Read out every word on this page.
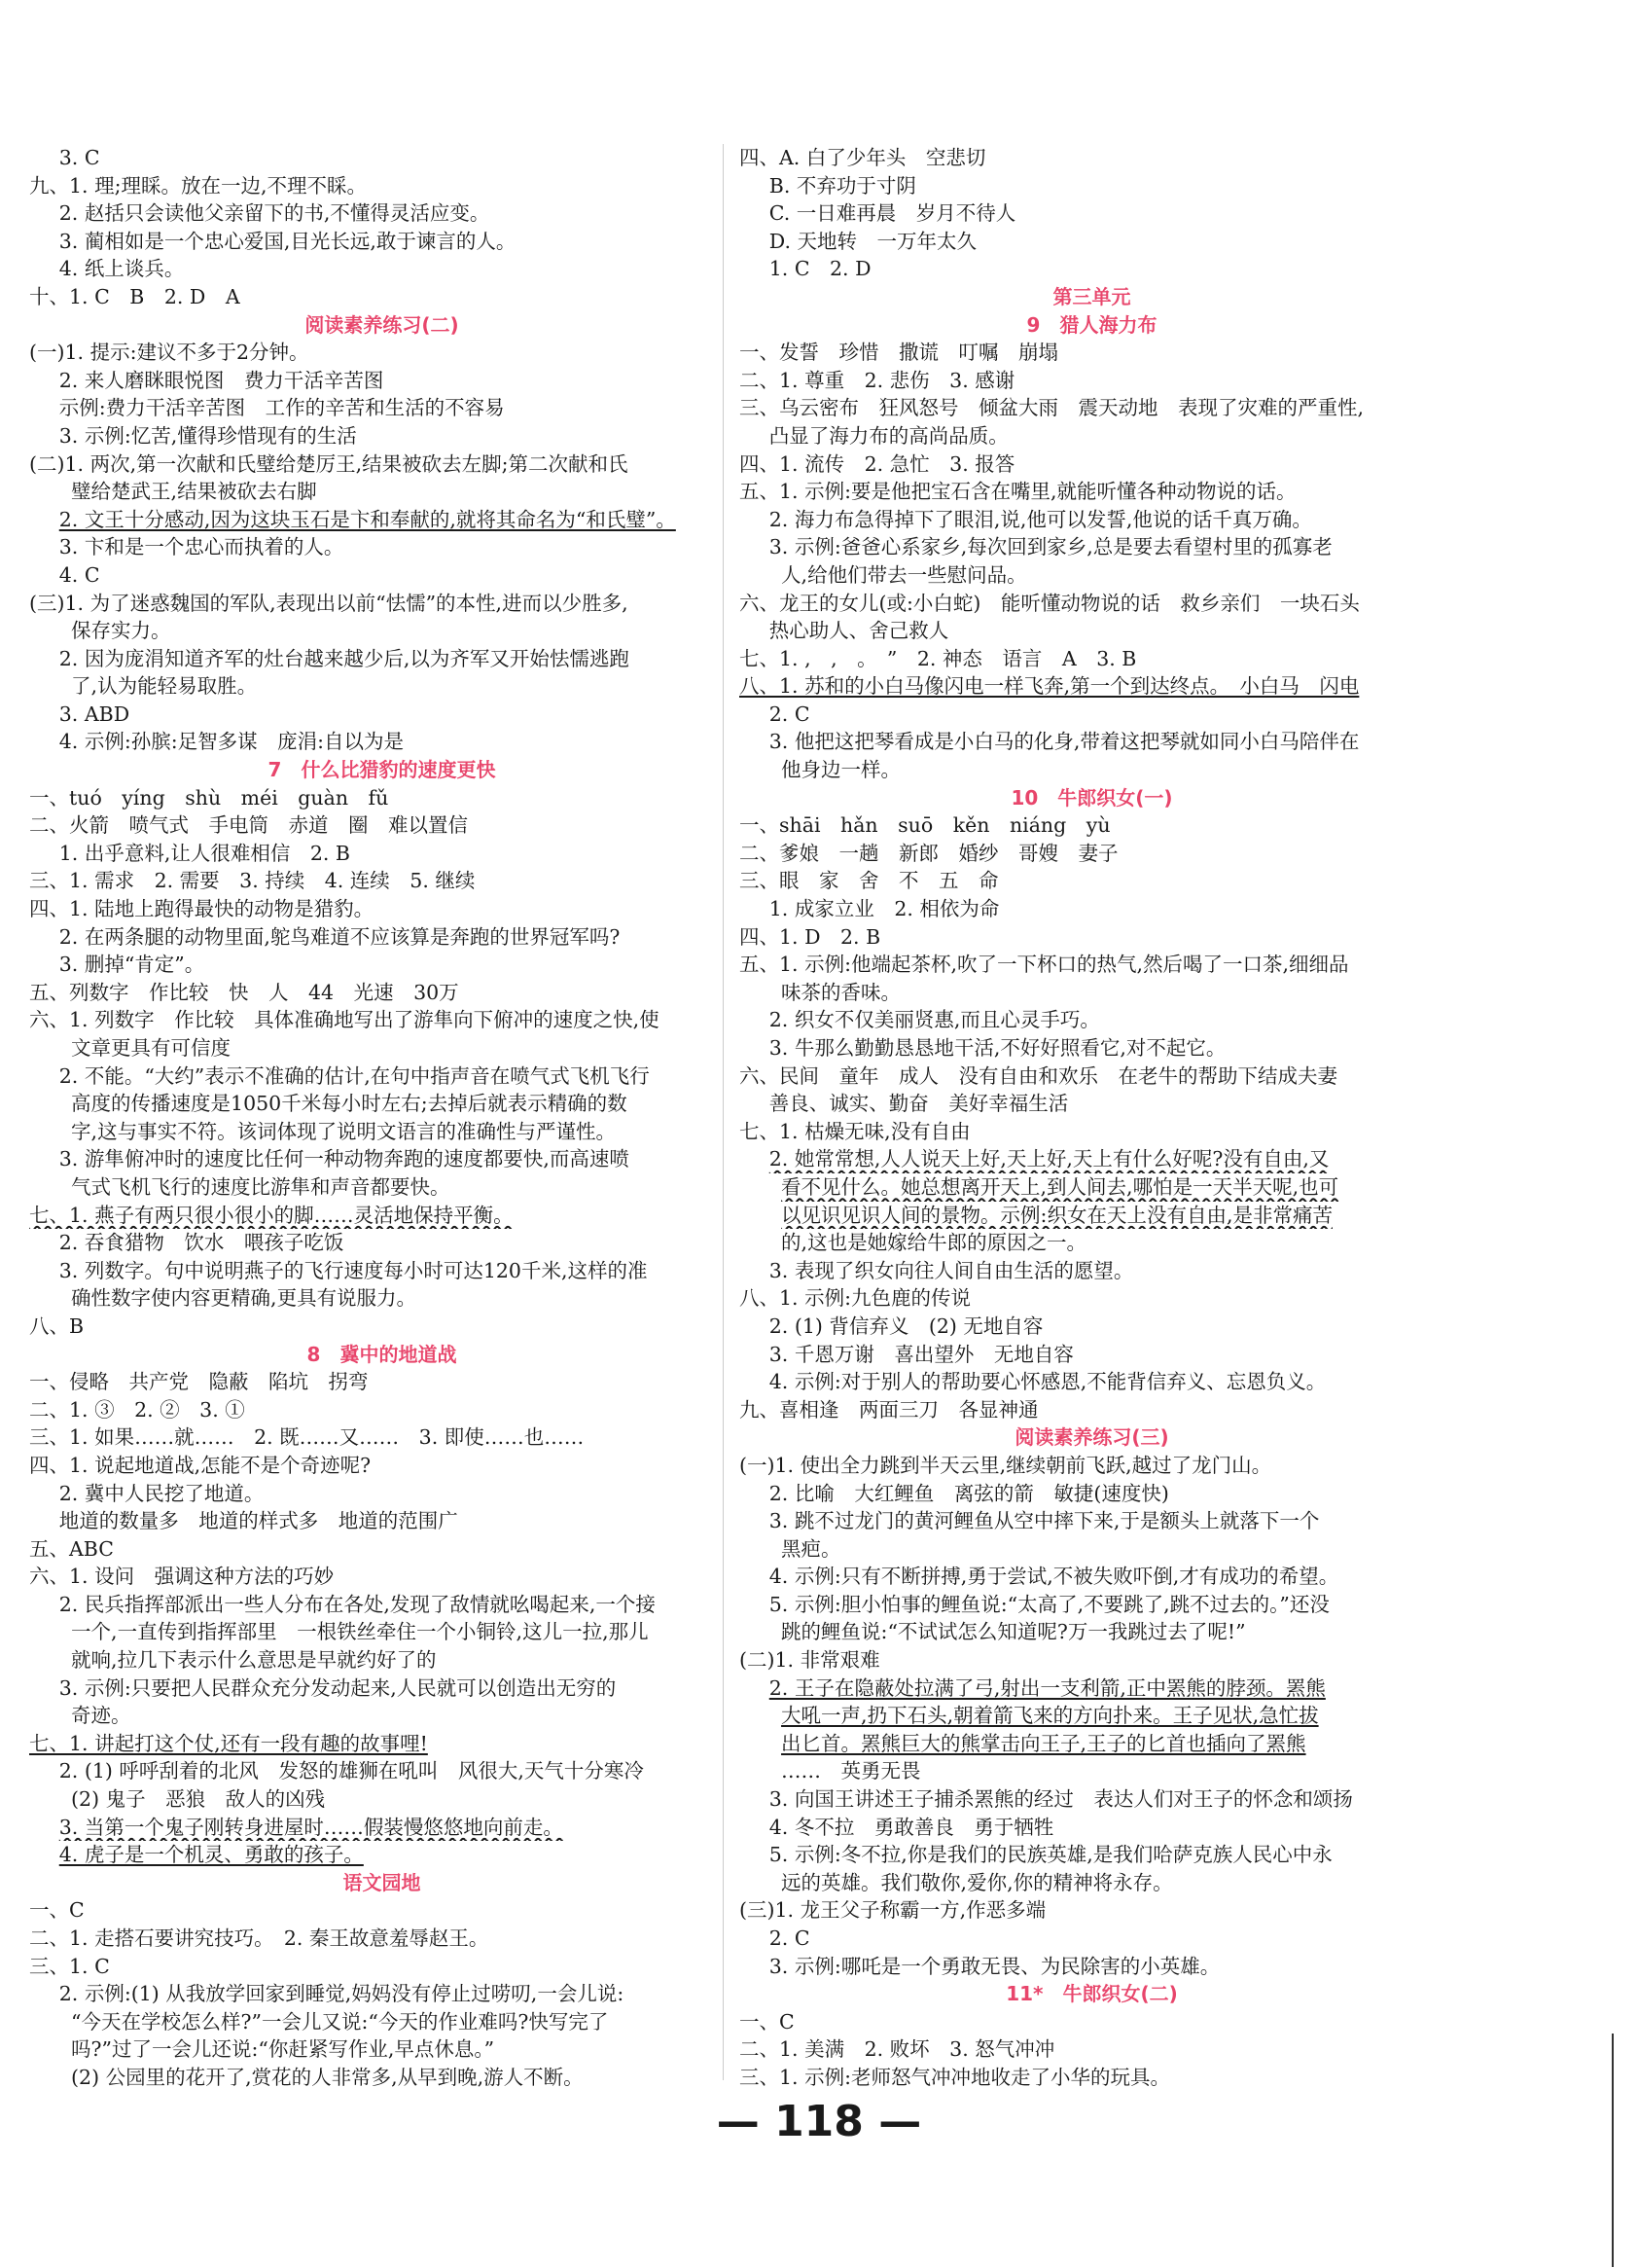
3. C
九、1. 理;理睬。放在一边,不理不睬。
2. 赵括只会读他父亲留下的书,不懂得灵活应变。
3. 蔺相如是一个忠心爱国,目光长远,敢于谏言的人。
4. 纸上谈兵。
十、1. C　B　2. D　A
阅读素养练习(二)
(一)1. 提示:建议不多于2分钟。
2. 来人磨眯眼悦图　费力干活辛苦图
示例:费力干活辛苦图　工作的辛苦和生活的不容易
3. 示例:忆苦,懂得珍惜现有的生活
(二)1. 两次,第一次献和氏璧给楚厉王,结果被砍去左脚;第二次献和氏
璧给楚武王,结果被砍去右脚
2. 文王十分感动,因为这块玉石是卞和奉献的,就将其命名为“和氏璧”。
3. 卞和是一个忠心而执着的人。
4. C
(三)1. 为了迷惑魏国的军队,表现出以前“怯懦”的本性,进而以少胜多,
保存实力。
2. 因为庞涓知道齐军的灶台越来越少后,以为齐军又开始怯懦逃跑
了,认为能轻易取胜。
3. ABD
4. 示例:孙膑:足智多谋　庞涓:自以为是
7　什么比猎豹的速度更快
一、tuó　yíng　shù　méi　guàn　fǔ
二、火箭　喷气式　手电筒　赤道　圈　难以置信
1. 出乎意料,让人很难相信　2. B
三、1. 需求　2. 需要　3. 持续　4. 连续　5. 继续
四、1. 陆地上跑得最快的动物是猎豹。
2. 在两条腿的动物里面,鸵鸟难道不应该算是奔跑的世界冠军吗?
3. 删掉“肯定”。
五、列数字　作比较　快　人　44　光速　30万
六、1. 列数字　作比较　具体准确地写出了游隼向下俯冲的速度之快,使
文章更具有可信度
2. 不能。“大约”表示不准确的估计,在句中指声音在喷气式飞机飞行
高度的传播速度是1050千米每小时左右;去掉后就表示精确的数
字,这与事实不符。该词体现了说明文语言的准确性与严谨性。
3. 游隼俯冲时的速度比任何一种动物奔跑的速度都要快,而高速喷
气式飞机飞行的速度比游隼和声音都要快。
七、1. 燕子有两只很小很小的脚……灵活地保持平衡。
2. 吞食猎物　饮水　喂孩子吃饭
3. 列数字。句中说明燕子的飞行速度每小时可达120千米,这样的准
确性数字使内容更精确,更具有说服力。
八、B
8　冀中的地道战
一、侵略　共产党　隐蔽　陷坑　拐弯
二、1. ③　2. ②　3. ①
三、1. 如果……就……　2. 既……又……　3. 即使……也……
四、1. 说起地道战,怎能不是个奇迹呢?
2. 冀中人民挖了地道。
地道的数量多　地道的样式多　地道的范围广
五、ABC
六、1. 设问　强调这种方法的巧妙
2. 民兵指挥部派出一些人分布在各处,发现了敌情就吆喝起来,一个接
一个,一直传到指挥部里　一根铁丝牵住一个小铜铃,这儿一拉,那儿
就响,拉几下表示什么意思是早就约好了的
3. 示例:只要把人民群众充分发动起来,人民就可以创造出无穷的
奇迹。
七、1. 讲起打这个仗,还有一段有趣的故事哩!
2. (1) 呼呼刮着的北风　发怒的雄狮在吼叫　风很大,天气十分寒冷
(2) 鬼子　恶狼　敌人的凶残
3. 当第一个鬼子刚转身进屋时……假装慢悠悠地向前走。
4. 虎子是一个机灵、勇敢的孩子。
语文园地
一、C
二、1. 走搭石要讲究技巧。　2. 秦王故意羞辱赵王。
三、1. C
2. 示例:(1) 从我放学回家到睡觉,妈妈没有停止过唠叨,一会儿说:
“今天在学校怎么样?”一会儿又说:“今天的作业难吗?快写完了
吗?”过了一会儿还说:“你赶紧写作业,早点休息。”
(2) 公园里的花开了,赏花的人非常多,从早到晚,游人不断。
四、A. 白了少年头　空悲切
B. 不弃功于寸阴
C. 一日难再晨　岁月不待人
D. 天地转　一万年太久
1. C　2. D
第三单元
9　猎人海力布
一、发誓　珍惜　撒谎　叮嘱　崩塌
二、1. 尊重　2. 悲伤　3. 感谢
三、乌云密布　狂风怒号　倾盆大雨　震天动地　表现了灾难的严重性,
凸显了海力布的高尚品质。
四、1. 流传　2. 急忙　3. 报答
五、1. 示例:要是他把宝石含在嘴里,就能听懂各种动物说的话。
2. 海力布急得掉下了眼泪,说,他可以发誓,他说的话千真万确。
3. 示例:爸爸心系家乡,每次回到家乡,总是要去看望村里的孤寡老
人,给他们带去一些慰问品。
六、龙王的女儿(或:小白蛇)　能听懂动物说的话　救乡亲们　一块石头
热心助人、舍己救人
七、1. ,　,　。　”　2. 神态　语言　A　3. B
八、1. 苏和的小白马像闪电一样飞奔,第一个到达终点。　小白马　闪电
2. C
3. 他把这把琴看成是小白马的化身,带着这把琴就如同小白马陪伴在
他身边一样。
10　牛郎织女(一)
一、shāi　hǎn　suō　kěn　niáng　yù
二、爹娘　一趟　新郎　婚纱　哥嫂　妻子
三、眼　家　舍　不　五　命
1. 成家立业　2. 相依为命
四、1. D　2. B
五、1. 示例:他端起茶杯,吹了一下杯口的热气,然后喝了一口茶,细细品
味茶的香味。
2. 织女不仅美丽贤惠,而且心灵手巧。
3. 牛那么勤勤恳恳地干活,不好好照看它,对不起它。
六、民间　童年　成人　没有自由和欢乐　在老牛的帮助下结成夫妻
善良、诚实、勤奋　美好幸福生活
七、1. 枯燥无味,没有自由
2. 她常常想,人人说天上好,天上好,天上有什么好呢?没有自由,又
看不见什么。她总想离开天上,到人间去,哪怕是一天半天呢,也可
以见识见识人间的景物。示例:织女在天上没有自由,是非常痛苦
的,这也是她嫁给牛郎的原因之一。
3. 表现了织女向往人间自由生活的愿望。
八、1. 示例:九色鹿的传说
2. (1) 背信弃义　(2) 无地自容
3. 千恩万谢　喜出望外　无地自容
4. 示例:对于别人的帮助要心怀感恩,不能背信弃义、忘恩负义。
九、喜相逢　两面三刀　各显神通
阅读素养练习(三)
(一)1. 使出全力跳到半天云里,继续朝前飞跃,越过了龙门山。
2. 比喻　大红鲤鱼　离弦的箭　敏捷(速度快)
3. 跳不过龙门的黄河鲤鱼从空中摔下来,于是额头上就落下一个
黑疤。
4. 示例:只有不断拼搏,勇于尝试,不被失败吓倒,才有成功的希望。
5. 示例:胆小怕事的鲤鱼说:“太高了,不要跳了,跳不过去的。”还没
跳的鲤鱼说:“不试试怎么知道呢?万一我跳过去了呢!”
(二)1. 非常艰难
2. 王子在隐蔽处拉满了弓,射出一支利箭,正中罴熊的脖颈。罴熊
大吼一声,扔下石头,朝着箭飞来的方向扑来。王子见状,急忙拔
出匕首。罴熊巨大的熊掌击向王子,王子的匕首也插向了罴熊
……　英勇无畏
3. 向国王讲述王子捕杀罴熊的经过　表达人们对王子的怀念和颂扬
4. 冬不拉　勇敢善良　勇于牺牲
5. 示例:冬不拉,你是我们的民族英雄,是我们哈萨克族人民心中永
远的英雄。我们敬你,爱你,你的精神将永存。
(三)1. 龙王父子称霸一方,作恶多端
2. C
3. 示例:哪吒是一个勇敢无畏、为民除害的小英雄。
11*　牛郎织女(二)
一、C
二、1. 美满　2. 败坏　3. 怒气冲冲
三、1. 示例:老师怒气冲冲地收走了小华的玩具。
— 118 —
